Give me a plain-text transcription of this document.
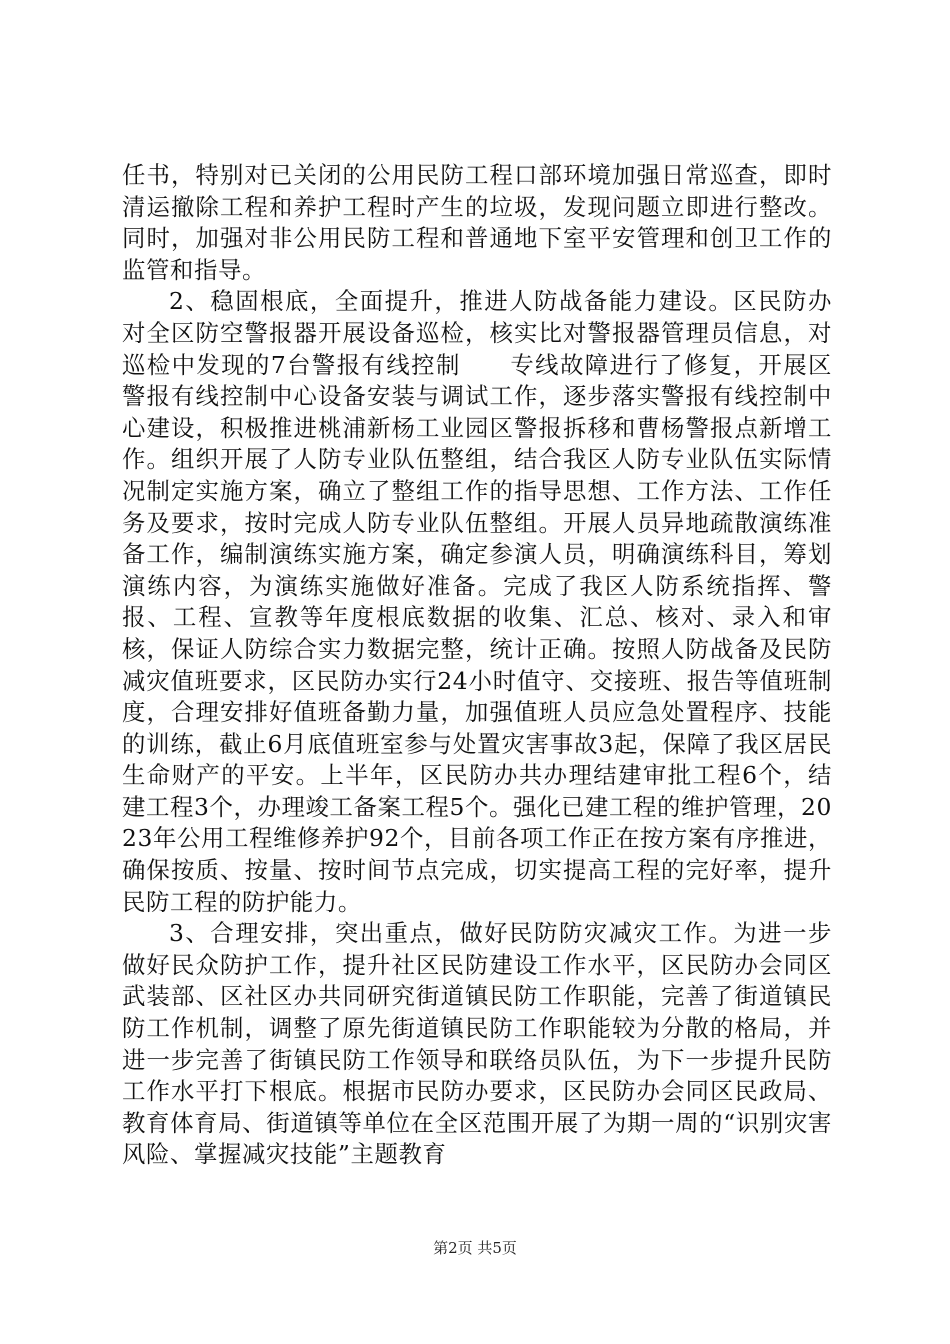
任书，特别对已关闭的公用民防工程口部环境加强日常巡查，即时清运撤除工程和养护工程时产生的垃圾，发现问题立即进行整改。同时，加强对非公用民防工程和普通地下室平安管理和创卫工作的监管和指导。

2、稳固根底，全面提升，推进人防战备能力建设。区民防办对全区防空警报器开展设备巡检，核实比对警报器管理员信息，对巡检中发现的7台警报有线控制　　专线故障进行了修复，开展区警报有线控制中心设备安装与调试工作，逐步落实警报有线控制中心建设，积极推进桃浦新杨工业园区警报拆移和曹杨警报点新增工作。组织开展了人防专业队伍整组，结合我区人防专业队伍实际情况制定实施方案，确立了整组工作的指导思想、工作方法、工作任务及要求，按时完成人防专业队伍整组。开展人员异地疏散演练准备工作，编制演练实施方案，确定参演人员，明确演练科目，筹划演练内容，为演练实施做好准备。完成了我区人防系统指挥、警报、工程、宣教等年度根底数据的收集、汇总、核对、录入和审核，保证人防综合实力数据完整，统计正确。按照人防战备及民防减灾值班要求，区民防办实行24小时值守、交接班、报告等值班制度，合理安排好值班备勤力量，加强值班人员应急处置程序、技能的训练，截止6月底值班室参与处置灾害事故3起，保障了我区居民生命财产的平安。上半年，区民防办共办理结建审批工程6个，结建工程3个，办理竣工备案工程5个。强化已建工程的维护管理，2023年公用工程维修养护92个，目前各项工作正在按方案有序推进，确保按质、按量、按时间节点完成，切实提高工程的完好率，提升民防工程的防护能力。

3、合理安排，突出重点，做好民防防灾减灾工作。为进一步做好民众防护工作，提升社区民防建设工作水平，区民防办会同区武装部、区社区办共同研究街道镇民防工作职能，完善了街道镇民防工作机制，调整了原先街道镇民防工作职能较为分散的格局，并进一步完善了街镇民防工作领导和联络员队伍，为下一步提升民防工作水平打下根底。根据市民防办要求，区民防办会同区民政局、教育体育局、街道镇等单位在全区范围开展了为期一周的“识别灾害风险、掌握减灾技能”主题教育

第2页 共5页
